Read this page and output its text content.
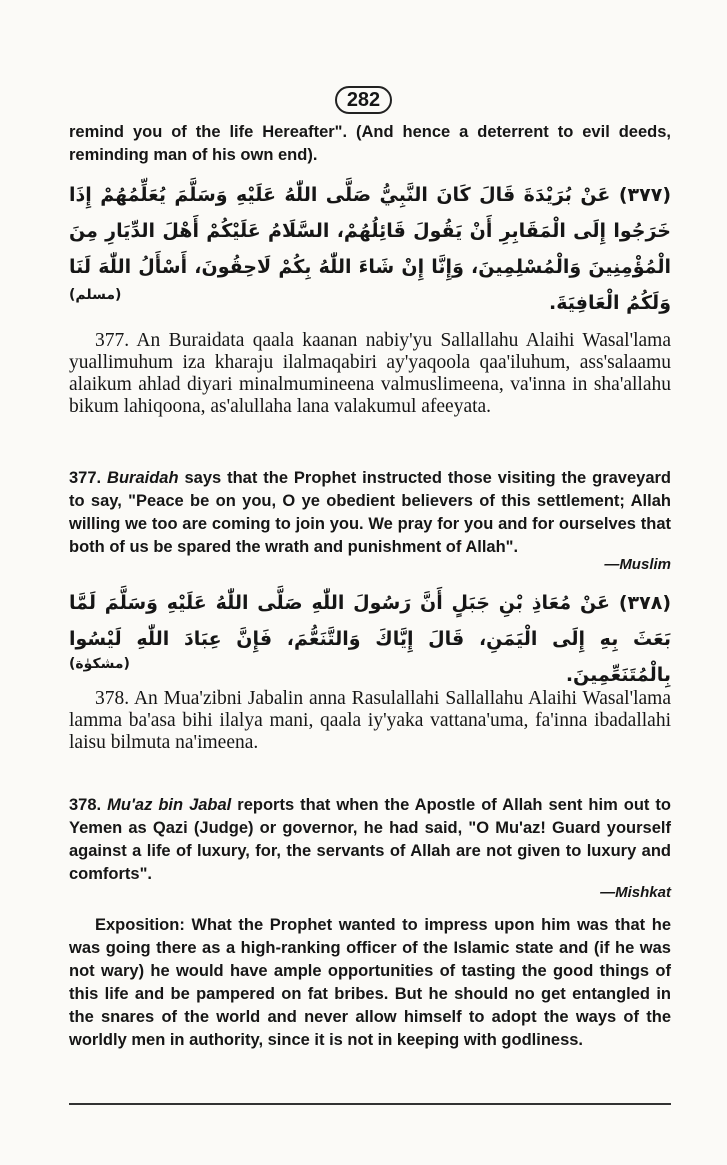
282
remind you of the life Hereafter". (And hence a deterrent to evil deeds, reminding man of his own end).
(٣٧٧) عَنْ بُرَيْدَةَ قَالَ كَانَ النَّبِيُّ صَلَّى اللّٰهُ عَلَيْهِ وَسَلَّمَ يُعَلِّمُهُمْ إِذَا خَرَجُوا إِلَى الْمَقَابِرِ أَنْ يَقُولَ قَائِلُهُمْ، السَّلَامُ عَلَيْكُمْ أَهْلَ الدِّيَارِ مِنَ الْمُؤْمِنِينَ وَالْمُسْلِمِينَ، وَإِنَّا إِنْ شَاءَ اللّٰهُ بِكُمْ لَاحِقُونَ، أَسْأَلُ اللّٰهَ لَنَا وَلَكُمُ الْعَافِيَةَ.
(مسلم)
377. An Buraidata qaala kaanan nabiy'yu Sallallahu Alaihi Wasal'lama yuallimuhum iza kharaju ilalmaqabiri ay'yaqoola qaa'iluhum, ass'salaamu alaikum ahlad diyari minalmumineena valmuslimeena, va'inna in sha'allahu bikum lahiqoona, as'alullaha lana valakumul afeeyata.
377. Buraidah says that the Prophet instructed those visiting the graveyard to say, "Peace be on you, O ye obedient believers of this settlement; Allah willing we too are coming to join you. We pray for you and for ourselves that both of us be spared the wrath and punishment of Allah".
—Muslim
(٣٧٨) عَنْ مُعَاذِ بْنِ جَبَلٍ أَنَّ رَسُولَ اللّٰهِ صَلَّى اللّٰهُ عَلَيْهِ وَسَلَّمَ لَمَّا بَعَثَ بِهِ إِلَى الْيَمَنِ، قَالَ إِيَّاكَ وَالتَّنَعُّمَ، فَإِنَّ عِبَادَ اللّٰهِ لَيْسُوا بِالْمُتَنَعِّمِينَ.
(مشكوٰة)
378. An Mua'zibni Jabalin anna Rasulallahi Sallallahu Alaihi Wasal'lama lamma ba'asa bihi ilalya mani, qaala iy'yaka vattana'uma, fa'inna ibadallahi laisu bilmuta na'imeena.
378. Mu'az bin Jabal reports that when the Apostle of Allah sent him out to Yemen as Qazi (Judge) or governor, he had said, "O Mu'az! Guard yourself against a life of luxury, for, the servants of Allah are not given to luxury and comforts".
—Mishkat
Exposition: What the Prophet wanted to impress upon him was that he was going there as a high-ranking officer of the Islamic state and (if he was not wary) he would have ample opportunities of tasting the good things of this life and be pampered on fat bribes. But he should no get entangled in the snares of the world and never allow himself to adopt the ways of the worldly men in authority, since it is not in keeping with godliness.
